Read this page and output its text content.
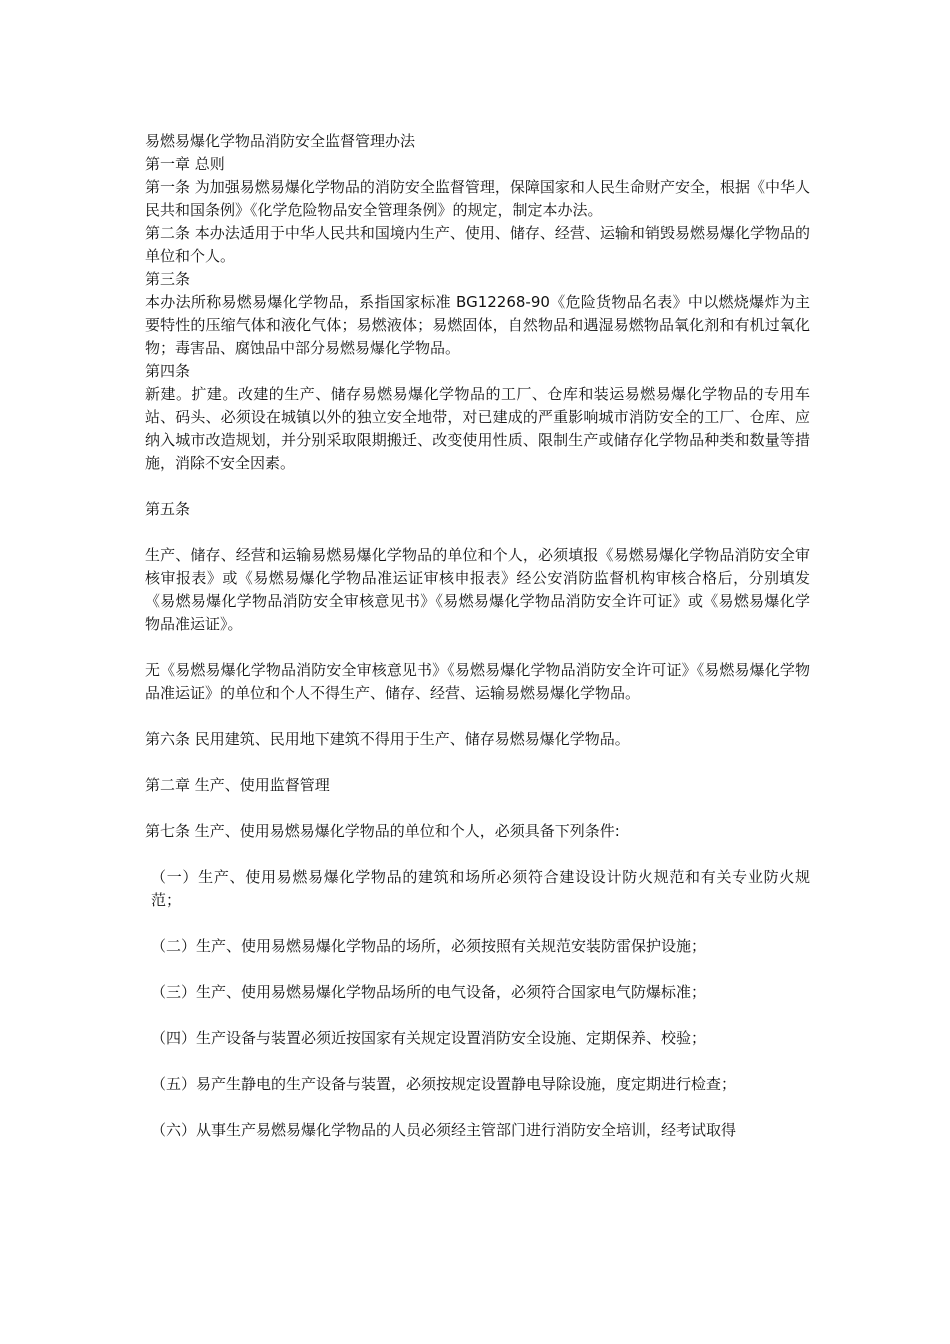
易燃易爆化学物品消防安全监督管理办法

第一章 总则

第一条 为加强易燃易爆化学物品的消防安全监督管理，保障国家和人民生命财产安全，根据《中华人民共和国条例》《化学危险物品安全管理条例》的规定，制定本办法。

第二条 本办法适用于中华人民共和国境内生产、使用、储存、经营、运输和销毁易燃易爆化学物品的单位和个人。

第三条

本办法所称易燃易爆化学物品，系指国家标准 BG12268-90《危险货物品名表》中以燃烧爆炸为主要特性的压缩气体和液化气体；易燃液体；易燃固体，自然物品和遇湿易燃物品氧化剂和有机过氧化物；毒害品、腐蚀品中部分易燃易爆化学物品。

第四条

新建。扩建。改建的生产、储存易燃易爆化学物品的工厂、仓库和装运易燃易爆化学物品的专用车站、码头、必须设在城镇以外的独立安全地带，对已建成的严重影响城市消防安全的工厂、仓库、应纳入城市改造规划，并分别采取限期搬迁、改变使用性质、限制生产或储存化学物品种类和数量等措施，消除不安全因素。

第五条

生产、储存、经营和运输易燃易爆化学物品的单位和个人，必须填报《易燃易爆化学物品消防安全审核审报表》或《易燃易爆化学物品准运证审核申报表》经公安消防监督机构审核合格后，分别填发《易燃易爆化学物品消防安全审核意见书》《易燃易爆化学物品消防安全许可证》或《易燃易爆化学物品准运证》。

无《易燃易爆化学物品消防安全审核意见书》《易燃易爆化学物品消防安全许可证》《易燃易爆化学物品准运证》的单位和个人不得生产、储存、经营、运输易燃易爆化学物品。

第六条 民用建筑、民用地下建筑不得用于生产、储存易燃易爆化学物品。

第二章 生产、使用监督管理

第七条 生产、使用易燃易爆化学物品的单位和个人，必须具备下列条件:

（一）生产、使用易燃易爆化学物品的建筑和场所必须符合建设设计防火规范和有关专业防火规范；

（二）生产、使用易燃易爆化学物品的场所，必须按照有关规范安装防雷保护设施；

（三）生产、使用易燃易爆化学物品场所的电气设备，必须符合国家电气防爆标准；

（四）生产设备与装置必须近按国家有关规定设置消防安全设施、定期保养、校验；

（五）易产生静电的生产设备与装置，必须按规定设置静电导除设施，度定期进行检查；

（六）从事生产易燃易爆化学物品的人员必须经主管部门进行消防安全培训，经考试取得
